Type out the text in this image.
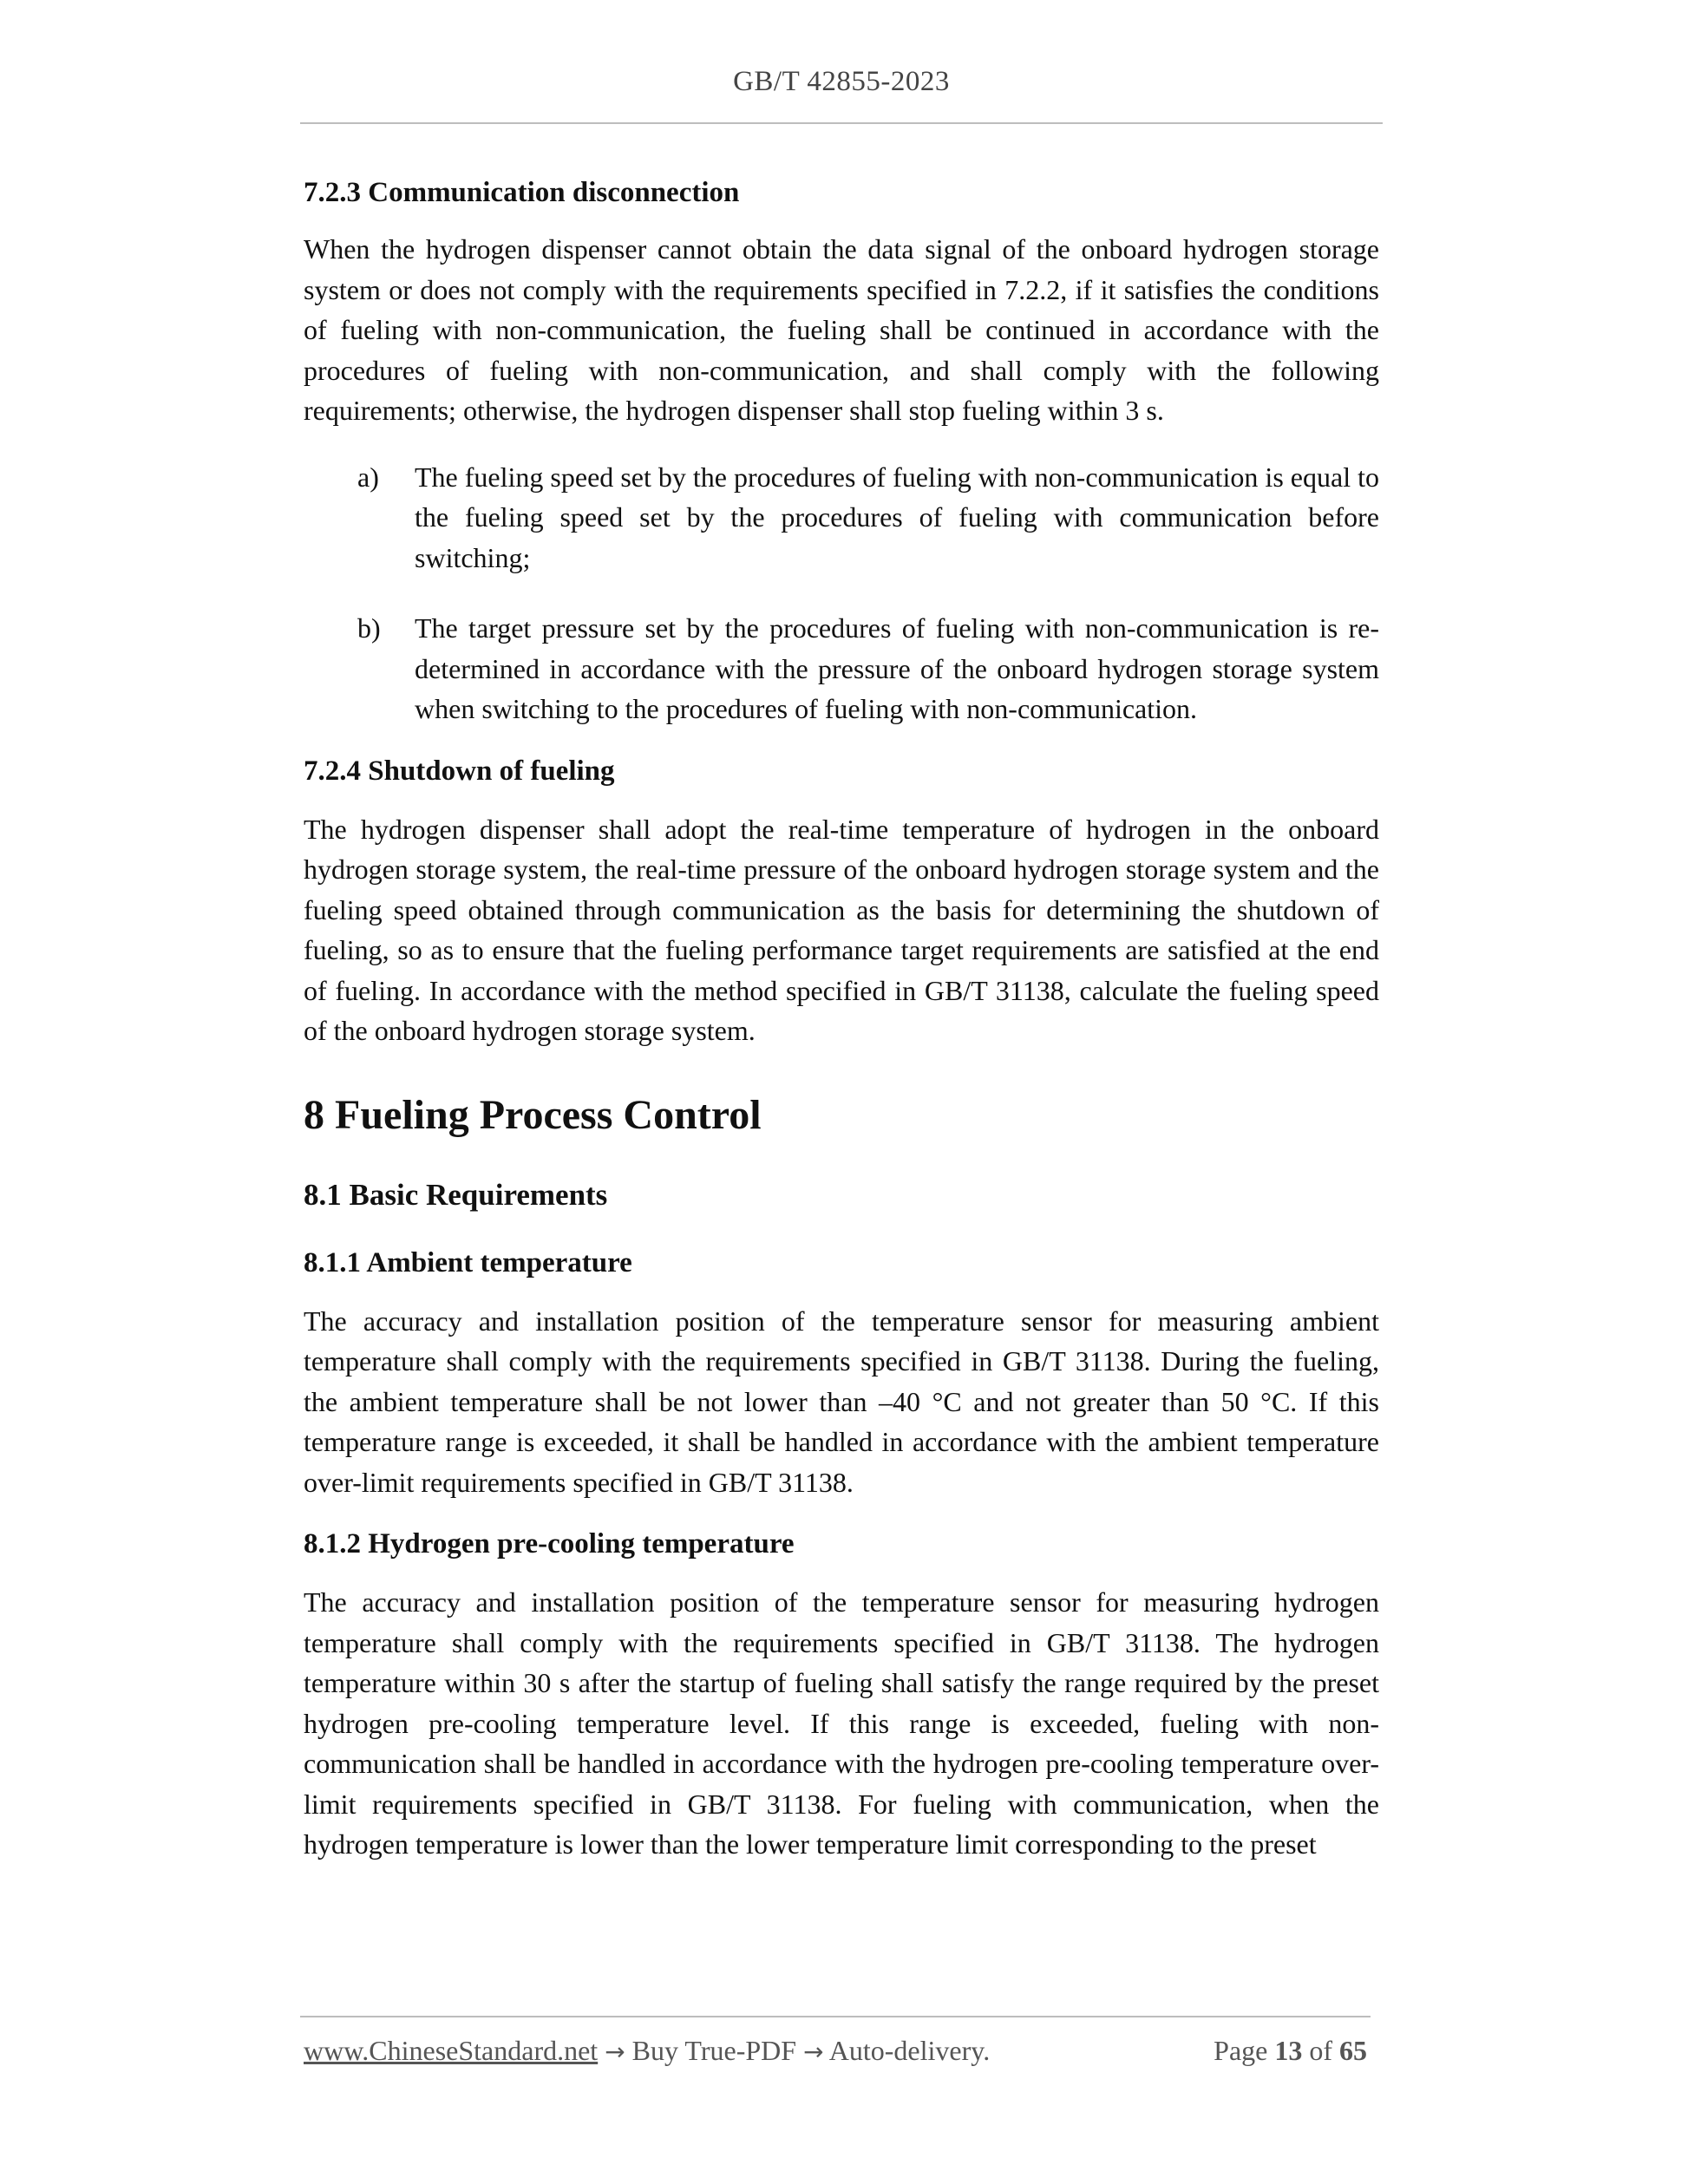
GB/T 42855-2023
7.2.3 Communication disconnection

When the hydrogen dispenser cannot obtain the data signal of the onboard hydrogen storage system or does not comply with the requirements specified in 7.2.2, if it satisfies the conditions of fueling with non-communication, the fueling shall be continued in accordance with the procedures of fueling with non-communication, and shall comply with the following requirements; otherwise, the hydrogen dispenser shall stop fueling within 3 s.

a)	The fueling speed set by the procedures of fueling with non-communication is equal to the fueling speed set by the procedures of fueling with communication before switching;
b)	The target pressure set by the procedures of fueling with non-communication is re-determined in accordance with the pressure of the onboard hydrogen storage system when switching to the procedures of fueling with non-communication.
7.2.4 Shutdown of fueling

The hydrogen dispenser shall adopt the real-time temperature of hydrogen in the onboard hydrogen storage system, the real-time pressure of the onboard hydrogen storage system and the fueling speed obtained through communication as the basis for determining the shutdown of fueling, so as to ensure that the fueling performance target requirements are satisfied at the end of fueling. In accordance with the method specified in GB/T 31138, calculate the fueling speed of the onboard hydrogen storage system.

8 Fueling Process Control
8.1 Basic Requirements
8.1.1 Ambient temperature

The accuracy and installation position of the temperature sensor for measuring ambient temperature shall comply with the requirements specified in GB/T 31138. During the fueling, the ambient temperature shall be not lower than –40 °C and not greater than 50 °C. If this temperature range is exceeded, it shall be handled in accordance with the ambient temperature over-limit requirements specified in GB/T 31138.

8.1.2 Hydrogen pre-cooling temperature

The accuracy and installation position of the temperature sensor for measuring hydrogen temperature shall comply with the requirements specified in GB/T 31138. The hydrogen temperature within 30 s after the startup of fueling shall satisfy the range required by the preset hydrogen pre-cooling temperature level. If this range is exceeded, fueling with non-communication shall be handled in accordance with the hydrogen pre-cooling temperature over-limit requirements specified in GB/T 31138. For fueling with communication, when the hydrogen temperature is lower than the lower temperature limit corresponding to the preset

www.ChineseStandard.net → Buy True-PDF → Auto-delivery.	Page 13 of 65
